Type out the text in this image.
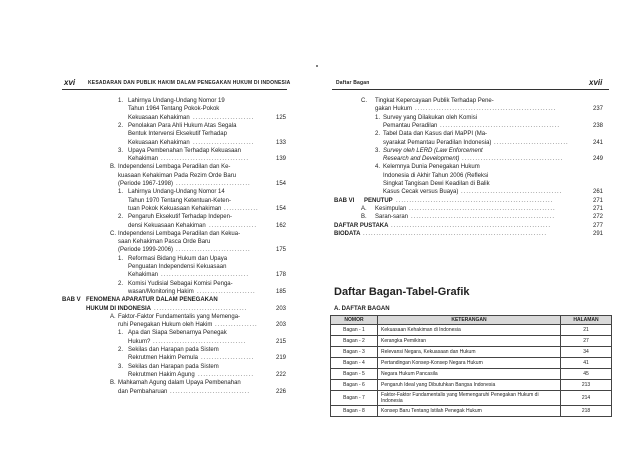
xvi	KESADARAN DAN PUBLIK HAKIM DALAM PENEGAKAN HUKUM DI INDONESIA
1. Lahirnya Undang-Undang Nomor 19
Tahun 1964 Tentang Pokok-Pokok
Kekuasaan Kehakiman .......................	125
2. Penolakan Para Ahli Hukum Atas Segala
Bentuk Intervensi Eksekutif Terhadap
Kekuasaan Kehakiman .......................	133
3. Upaya Pembenahan Terhadap Kekuasaan
Kehakiman .................................	139
B. Independensi Lembaga Peradilan dan Ke-
kuasaan Kehakiman Pada Rezim Orde Baru
(Periode 1967-1998) ............................	154
1. Lahirnya Undang-Undang Nomor 14
Tahun 1970 Tentang Ketentuan-Keten-
tuan Pokok Kekuasaan Kehakiman .............	154
2. Pengaruh Eksekutif Terhadap Indepen-
densi Kekuasaan Kehakiman ..................	162
C. Independensi Lembaga Peradilan dan Kekua-
saan Kehakiman Pasca Orde Baru
(Periode 1999-2006) ............................	175
1. Reformasi Bidang Hukum dan Upaya
Penguatan Independensi Kekuasaan
Kehakiman .................................	178
2. Komisi Yudisial Sebagai Komisi Penga-
wasan/Monitoring Hakim ......................	185
BAB V FENOMENA APARATUR DALAM PENEGAKAN
HUKUM DI INDONESIA ...................................	203
A. Faktor-Faktor Fundamentalis yang Memenga-
ruhi Penegakan Hukum oleh Hakim ................	203
1. Apa dan Siapa Sebenarnya Penegak
Hukum? ...................................	215
2. Sekilas dan Harapan pada Sistem
Rekrutmen Hakim Pemula ....................	219
3. Sekilas dan Harapan pada Sistem
Rekrutmen Hakim Agung .....................	222
B. Mahkamah Agung dalam Upaya Pembenahan
dan Pembaharuan ..............................	226
Daftar Bagan	xvii
C. Tingkat Kepercayaan Publik Terhadap Pene-
gakan Hukum .....................................................	237
1. Survey yang Dilakukan oleh Komisi
Pemantau Peradilan .............................................	238
2. Tabel Data dan Kasus dari MaPPI (Ma-
syarakat Pemantau Peradilan Indonesia) ............................	241
3. Survey oleh LERD (Law Enforcement
Research and Development) ......................................	249
4. Kelemnya Dunia Penegakan Hukum
Indonesia di Akhir Tahun 2006 (Refleksi
Singkat Tangisan Dewi Keadilan di Balik
Kasus Cecak versus Buaya) ......................................	261
BAB VI PENUTUP ...........................................................	271
A. Kesimpulan .......................................................	271
B. Saran-saran ......................................................	272
DAFTAR PUSTAKA ............................................................	277
BIODATA .....................................................................	291
Daftar Bagan-Tabel-Grafik
A. DAFTAR BAGAN
NOMOR	KETERANGAN	HALAMAN
Bagan - 1	Kekuasaan Kehakiman di Indonesia	21
Bagan - 2	Kerangka Pemikiran	27
Bagan - 3	Relevansi Negara, Kekuasaan dan Hukum	34
Bagan - 4	Pertandingan Konsep-Konsep Negara Hukum	41
Bagan - 5	Negara Hukum Pancasila	45
Bagan - 6	Pengaruh Ideal yang Dibutuhkan Bangsa Indonesia	213
Bagan - 7	Faktor-Faktor Fundamentalis yang Memengaruhi Penegakan Hukum di Indonesia	214
Bagan - 8	Konsep Baru Tentang Istilah Penegak Hukum	218
